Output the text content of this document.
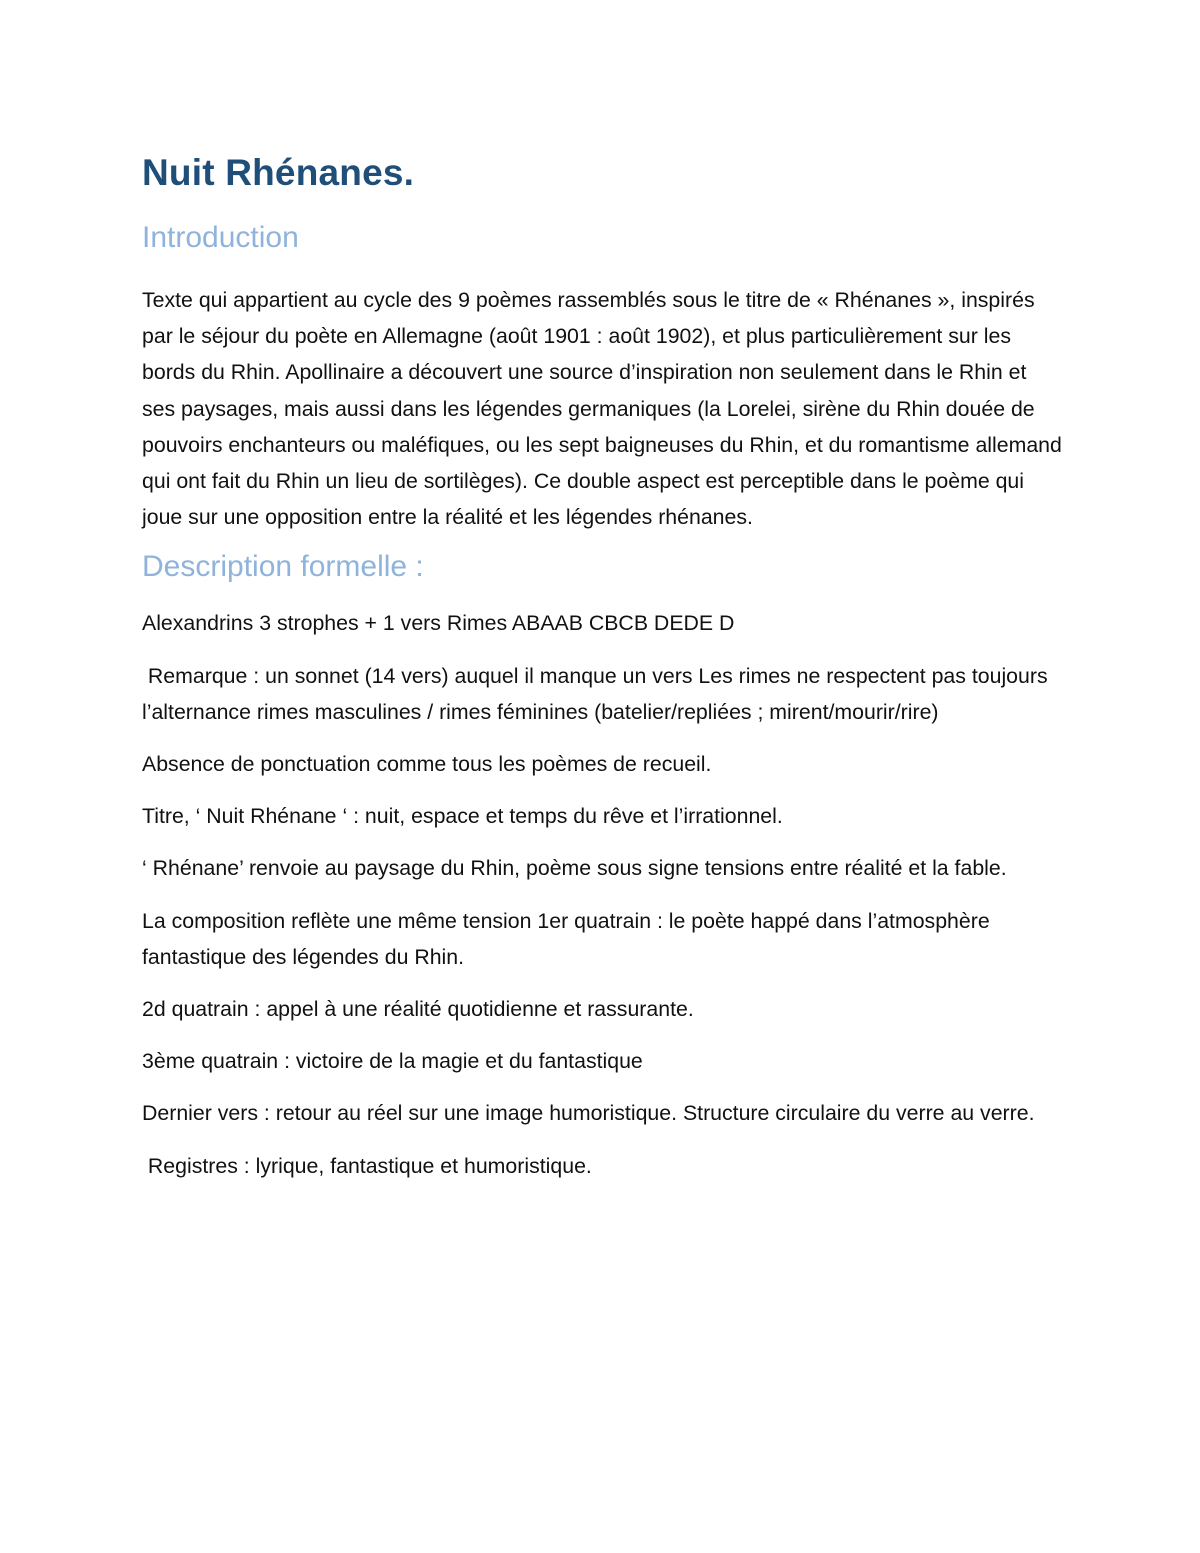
Nuit Rhénanes.
Introduction

Texte qui appartient au cycle des 9 poèmes rassemblés sous le titre de « Rhénanes », inspirés par le séjour du poète en Allemagne (août 1901 : août 1902), et plus particulièrement sur les bords du Rhin. Apollinaire a découvert une source d’inspiration non seulement dans le Rhin et ses paysages, mais aussi dans les légendes germaniques (la Lorelei, sirène du Rhin douée de pouvoirs enchanteurs ou maléfiques, ou les sept baigneuses du Rhin, et du romantisme allemand qui ont fait du Rhin un lieu de sortilèges). Ce double aspect est perceptible dans le poème qui joue sur une opposition entre la réalité et les légendes rhénanes.

Description formelle :

Alexandrins 3 strophes + 1 vers Rimes ABAAB CBCB DEDE D

Remarque : un sonnet (14 vers) auquel il manque un vers Les rimes ne respectent pas toujours l’alternance rimes masculines / rimes féminines (batelier/repliées ; mirent/mourir/rire)

Absence de ponctuation comme tous les poèmes de recueil.

Titre, ‘ Nuit Rhénane ‘ : nuit, espace et temps du rêve et l’irrationnel.

‘ Rhénane’ renvoie au paysage du Rhin, poème sous signe tensions entre réalité et la fable.

La composition reflète une même tension 1er quatrain : le poète happé dans l’atmosphère fantastique des légendes du Rhin.

2d quatrain : appel à une réalité quotidienne et rassurante.

3ème quatrain : victoire de la magie et du fantastique

Dernier vers : retour au réel sur une image humoristique. Structure circulaire du verre au verre.

Registres : lyrique, fantastique et humoristique.
